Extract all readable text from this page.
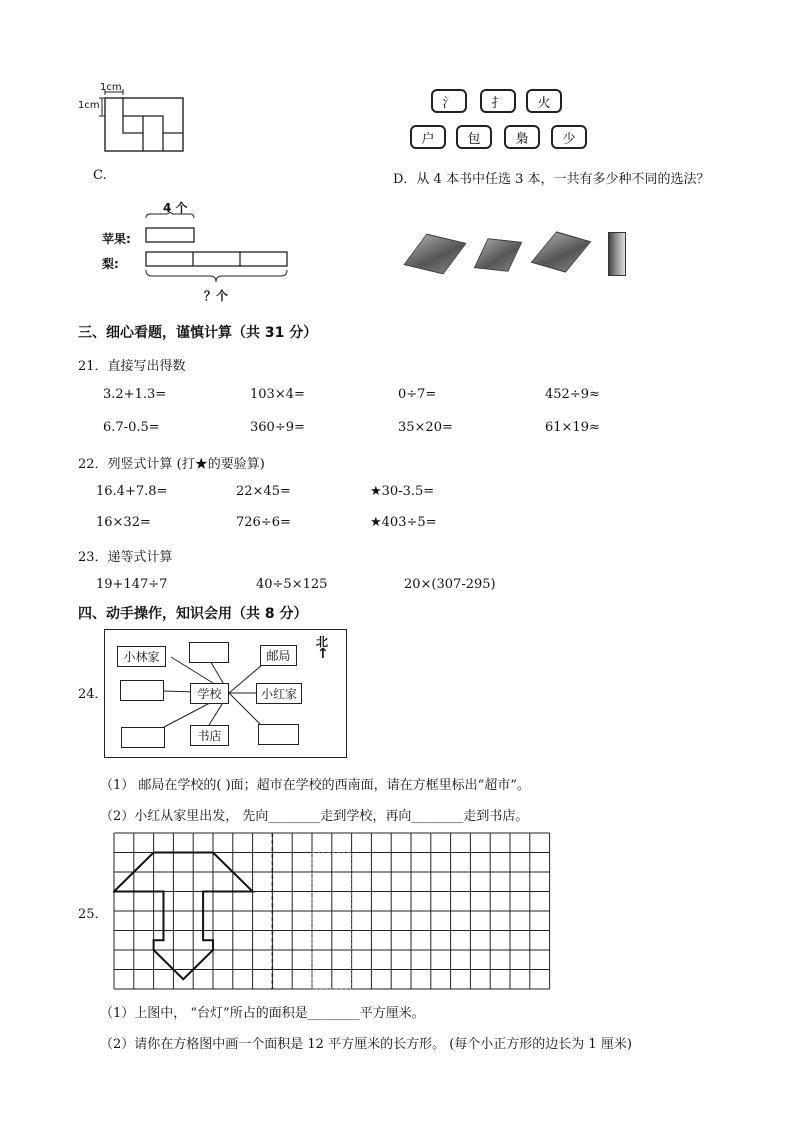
1cm
1cm
C.
氵	扌	火
户	包	梟	少
D．从 4 本书中任选 3 本，一共有多少种不同的选法？
4 个
苹果:
梨:
？个
三、细心看题，谨慎计算（共 31 分）
21．直接写出得数
3.2+1.3=	103×4=	0÷7=	452÷9≈
6.7-0.5=	360÷9=	35×20=	61×19≈
22．列竖式计算 (打★的要验算)
16.4+7.8=	22×45=	★30-3.5=
16×32=	726÷6=	★403÷5=
23．递等式计算
19+147÷7	40÷5×125	20×(307-295)
四、动手操作，知识会用（共 8 分）
24．
小林家	邮局
学校	小红家
书店
北
↑
（1） 邮局在学校的( )面；超市在学校的西南面，请在方框里标出“超市”。
（2）小红从家里出发， 先向________走到学校，再向________走到书店。
25．
（1）上图中， “台灯”所占的面积是________平方厘米。
（2）请你在方格图中画一个面积是 12 平方厘米的长方形。 (每个小正方形的边长为 1 厘米)
